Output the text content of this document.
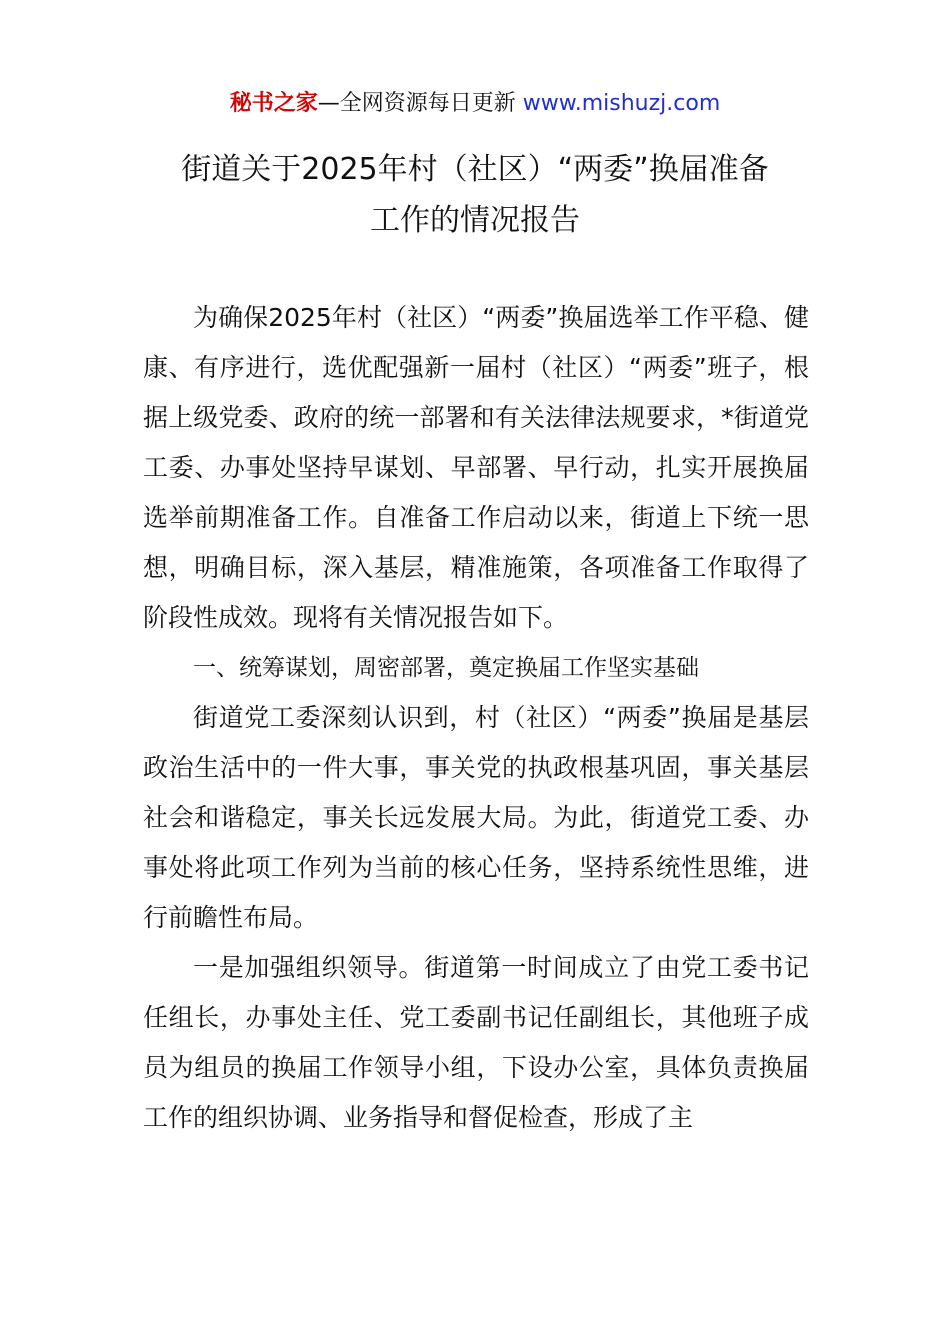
秘书之家—全网资源每日更新 www.mishuzj.com
街道关于2025年村（社区）“两委”换届准备
工作的情况报告

为确保2025年村（社区）“两委”换届选举工作平稳、健康、有序进行，选优配强新一届村（社区）“两委”班子，根据上级党委、政府的统一部署和有关法律法规要求，*街道党工委、办事处坚持早谋划、早部署、早行动，扎实开展换届选举前期准备工作。自准备工作启动以来，街道上下统一思想，明确目标，深入基层，精准施策，各项准备工作取得了阶段性成效。现将有关情况报告如下。

一、统筹谋划，周密部署，奠定换届工作坚实基础

街道党工委深刻认识到，村（社区）“两委”换届是基层政治生活中的一件大事，事关党的执政根基巩固，事关基层社会和谐稳定，事关长远发展大局。为此，街道党工委、办事处将此项工作列为当前的核心任务，坚持系统性思维，进行前瞻性布局。

一是加强组织领导。街道第一时间成立了由党工委书记任组长，办事处主任、党工委副书记任副组长，其他班子成员为组员的换届工作领导小组，下设办公室，具体负责换届工作的组织协调、业务指导和督促检查，形成了主
